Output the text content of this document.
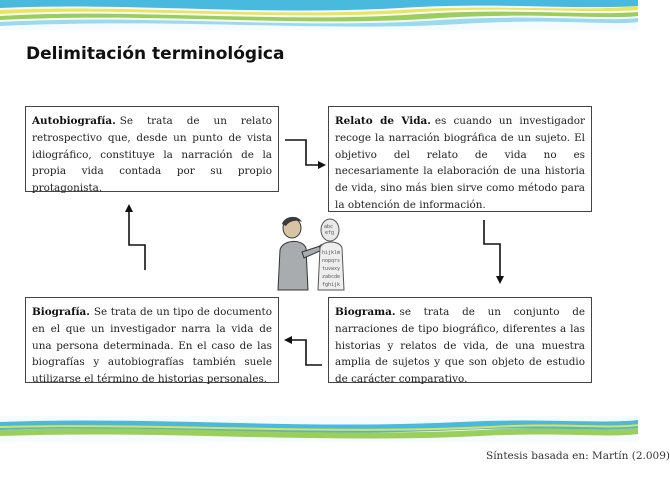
Delimitación terminológica
Autobiografía. Se trata de un relato retrospectivo que, desde un punto de vista idiográfico, constituye la narración de la propia vida contada por su propio protagonista.
Relato de Vida. es cuando un investigador recoge la narración biográfica de un sujeto. El objetivo del relato de vida no es necesariamente la elaboración de una historia de vida, sino más bien sirve como método para la obtención de información.
Biografía. Se trata de un tipo de documento en el que un investigador narra la vida de una persona determinada. En el caso de las biografías y autobiografías también suele utilizarse el término de historias personales.
Biograma. se trata de un conjunto de narraciones de tipo biográfico, diferentes a las historias y relatos de vida, de una muestra amplia de sujetos y que son objeto de estudio de carácter comparativo.
abc
efg
hijklm
nopqrs
tuvwxy
zabcde
fghijk
Síntesis basada en: Martín (2.009)
